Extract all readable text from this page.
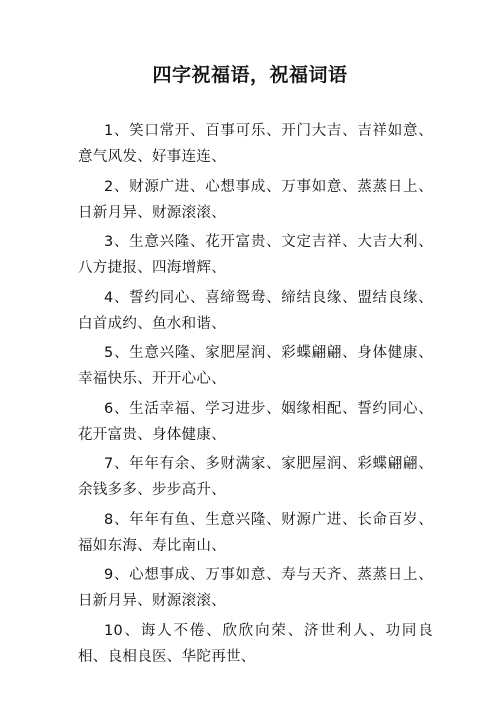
四字祝福语，祝福词语

1、笑口常开、百事可乐、开门大吉、吉祥如意、意气风发、好事连连、

2、财源广进、心想事成、万事如意、蒸蒸日上、日新月异、财源滚滚、

3、生意兴隆、花开富贵、文定吉祥、大吉大利、八方捷报、四海增辉、

4、誓约同心、喜缔鸳鸯、缔结良缘、盟结良缘、白首成约、鱼水和谐、

5、生意兴隆、家肥屋润、彩蝶翩翩、身体健康、幸福快乐、开开心心、

6、生活幸福、学习进步、姻缘相配、誓约同心、花开富贵、身体健康、

7、年年有余、多财满家、家肥屋润、彩蝶翩翩、余钱多多、步步高升、

8、年年有鱼、生意兴隆、财源广进、长命百岁、福如东海、寿比南山、

9、心想事成、万事如意、寿与天齐、蒸蒸日上、日新月异、财源滚滚、

10、诲人不倦、欣欣向荣、济世利人、功同良相、良相良医、华陀再世、
